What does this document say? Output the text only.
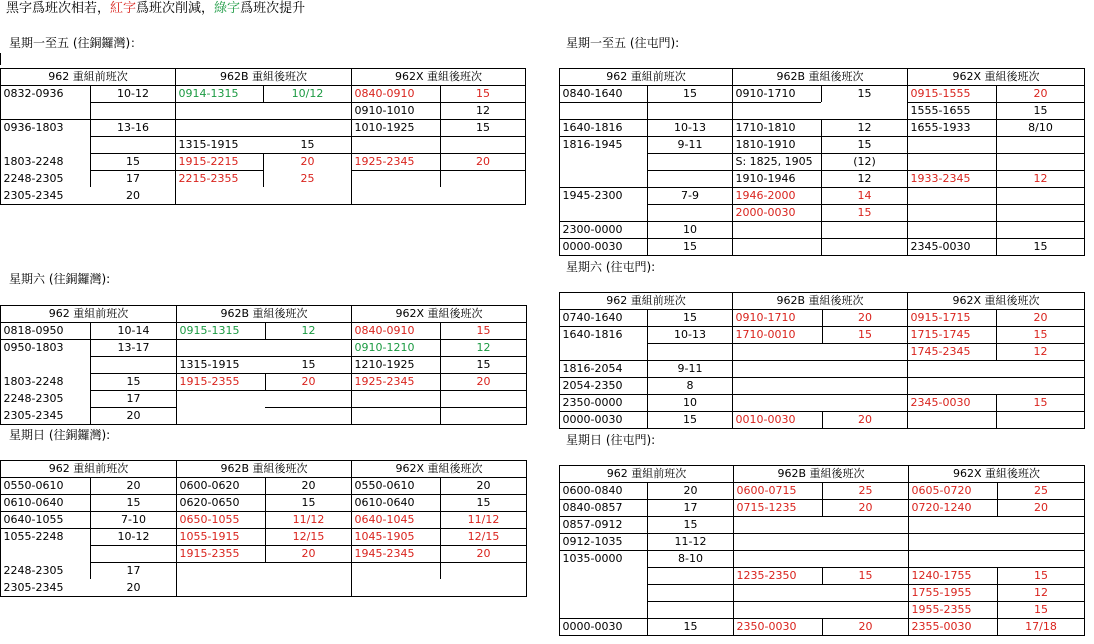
黑字爲班次相若，紅字爲班次削減，綠字爲班次提升
星期一至五 (往銅鑼灣)：
962 重組前班次		962B 重組後班次		962X 重組後班次	
0832-0936	10-12	0914-1315	10/12	0840-0910	15
				0910-1010	12
0936-1803	13-16			1010-1925	15
		1315-1915	15		
1803-2248	15	1915-2215	20	1925-2345	20
2248-2305	17	2215-2355	25		
2305-2345	20				
星期六 (往銅鑼灣):
962 重組前班次		962B 重組後班次		962X 重組後班次	
0818-0950	10-14	0915-1315	12	0840-0910	15
0950-1803	13-17			0910-1210	12
		1315-1915	15	1210-1925	15
1803-2248	15	1915-2355	20	1925-2345	20
2248-2305	17				
2305-2345	20				
星期日 (往銅鑼灣):
962 重組前班次		962B 重組後班次		962X 重組後班次	
0550-0610	20	0600-0620	20	0550-0610	20
0610-0640	15	0620-0650	15	0610-0640	15
0640-1055	7-10	0650-1055	11/12	0640-1045	11/12
1055-2248	10-12	1055-1915	12/15	1045-1905	12/15
		1915-2355	20	1945-2345	20
2248-2305	17				
2305-2345	20				
星期一至五 (往屯門):
962 重組前班次		962B 重組後班次		962X 重組後班次	
0840-1640	15	0910-1710	15	0915-1555	20
				1555-1655	15
1640-1816	10-13	1710-1810	12	1655-1933	8/10
1816-1945	9-11	1810-1910	15		
		S: 1825, 1905	(12)		
		1910-1946	12	1933-2345	12
1945-2300	7-9	1946-2000	14		
		2000-0030	15		
2300-0000	10				
0000-0030	15			2345-0030	15
星期六 (往屯門):
962 重組前班次		962B 重組後班次		962X 重組後班次	
0740-1640	15	0910-1710	20	0915-1715	20
1640-1816	10-13	1710-0010	15	1715-1745	15
				1745-2345	12
1816-2054	9-11				
2054-2350	8				
2350-0000	10			2345-0030	15
0000-0030	15	0010-0030	20		
星期日 (往屯門):
962 重組前班次		962B 重組後班次		962X 重組後班次	
0600-0840	20	0600-0715	25	0605-0720	25
0840-0857	17	0715-1235	20	0720-1240	20
0857-0912	15				
0912-1035	11-12				
1035-0000	8-10				
		1235-2350	15	1240-1755	15
				1755-1955	12
				1955-2355	15
0000-0030	15	2350-0030	20	2355-0030	17/18
